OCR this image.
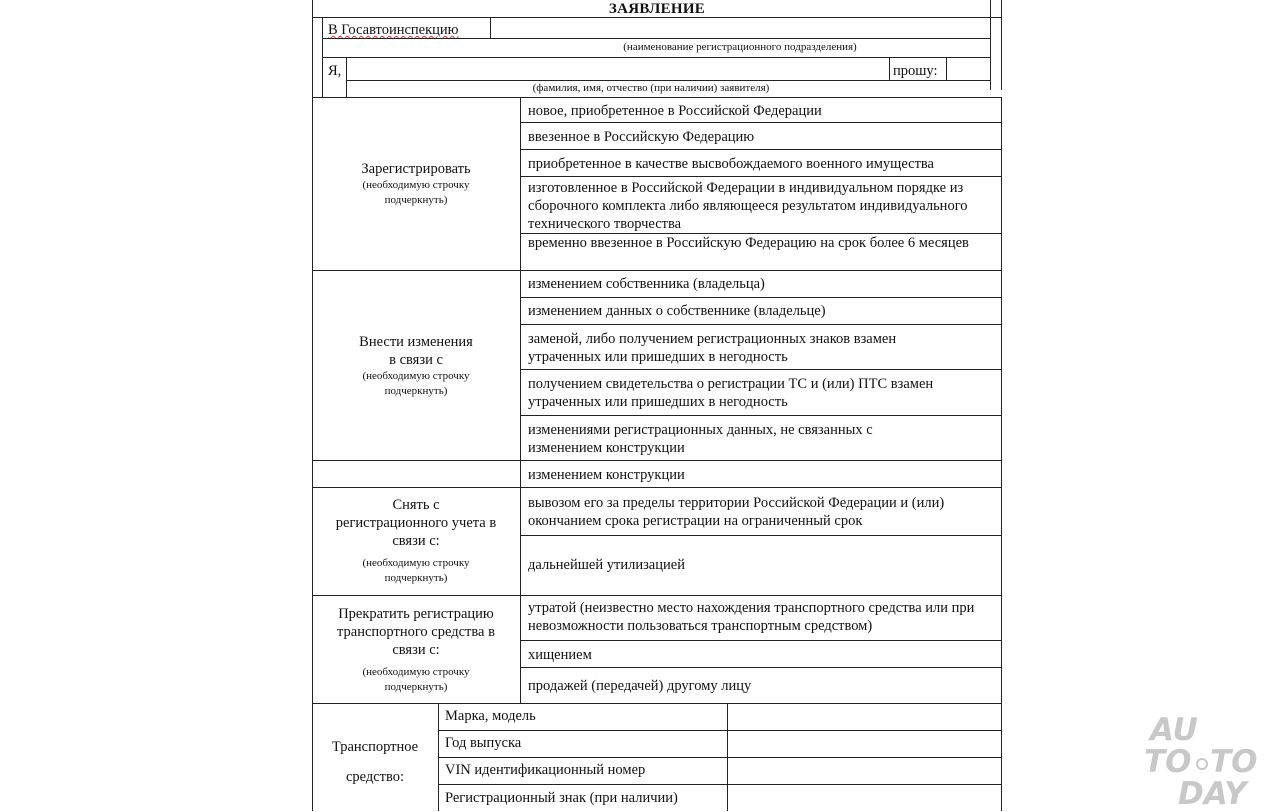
ЗАЯВЛЕНИЕ
В Госавтоинспекцию
(наименование регистрационного подразделения)
Я,	прошу:
(фамилия, имя, отчество (при наличии) заявителя)
Зарегистрировать
(необходимую строчку
подчеркнуть)
новое, приобретенное в Российской Федерации
ввезенное в Российскую Федерацию
приобретенное в качестве высвобождаемого военного имущества
изготовленное в Российской Федерации в индивидуальном порядке из сборочного комплекта либо являющееся результатом индивидуального технического творчества
временно ввезенное в Российскую Федерацию на срок более 6 месяцев
Внести изменения
в связи с
(необходимую строчку
подчеркнуть)
изменением собственника (владельца)
изменением данных о собственнике (владельце)
заменой, либо получением регистрационных знаков взамен утраченных или пришедших в негодность
получением свидетельства о регистрации ТС и (или) ПТС взамен утраченных или пришедших в негодность
изменениями регистрационных данных, не связанных с изменением конструкции
изменением конструкции
Снять с
регистрационного учета в
связи с:
(необходимую строчку
подчеркнуть)
вывозом его за пределы территории Российской Федерации и (или) окончанием срока регистрации на ограниченный срок
дальнейшей утилизацией
Прекратить регистрацию
транспортного средства в
связи с:
(необходимую строчку
подчеркнуть)
утратой (неизвестно место нахождения транспортного средства или при невозможности пользоваться транспортным средством)
хищением
продажей (передачей) другому лицу
Транспортное
средство:
Марка, модель
Год выпуска
VIN идентификационный номер
Регистрационный знак (при наличии)
AU
TO TO
DAY
